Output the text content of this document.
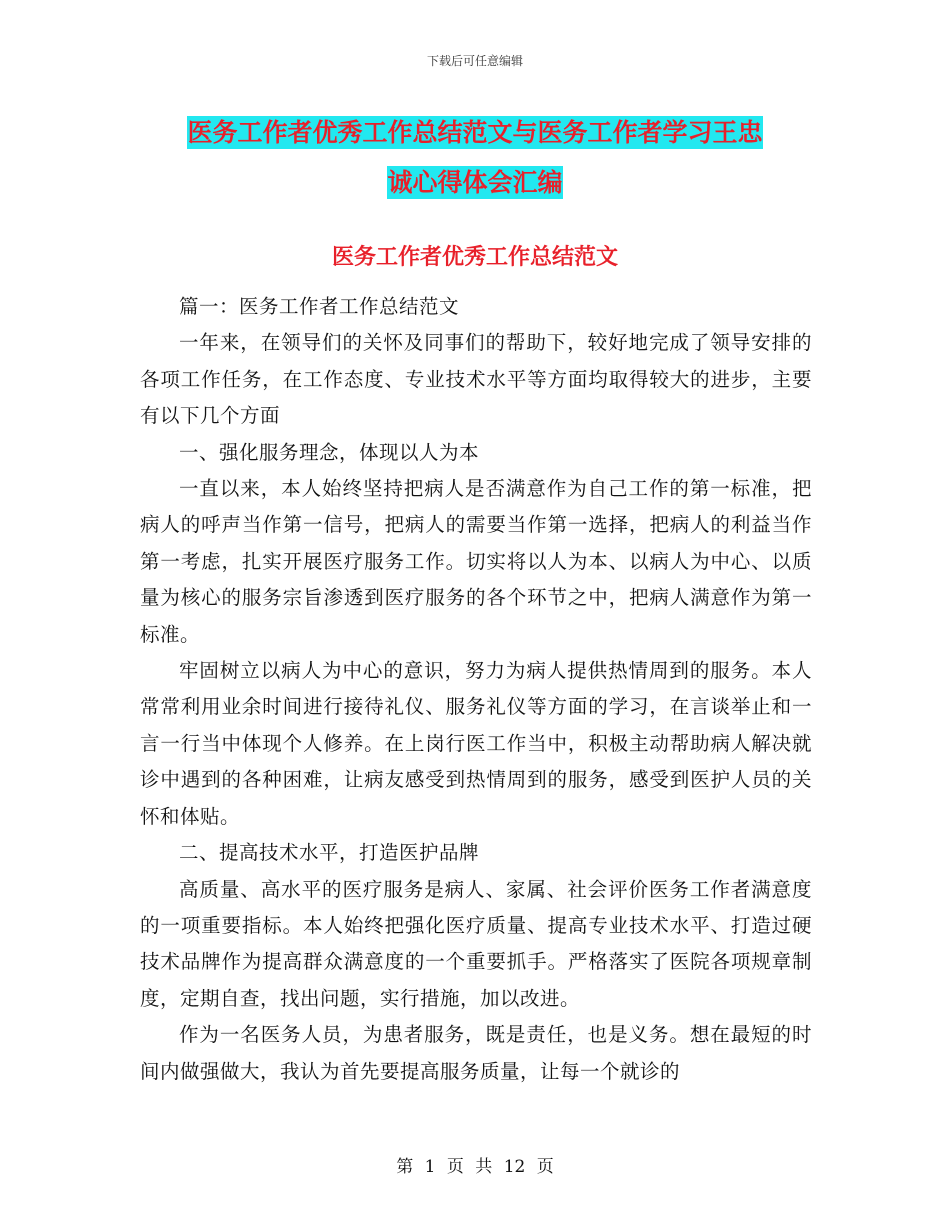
下载后可任意编辑
医务工作者优秀工作总结范文与医务工作者学习王忠
诚心得体会汇编
医务工作者优秀工作总结范文

篇一：医务工作者工作总结范文

一年来，在领导们的关怀及同事们的帮助下，较好地完成了领导安排的各项工作任务，在工作态度、专业技术水平等方面均取得较大的进步，主要有以下几个方面

一、强化服务理念，体现以人为本

一直以来，本人始终坚持把病人是否满意作为自己工作的第一标准，把病人的呼声当作第一信号，把病人的需要当作第一选择，把病人的利益当作第一考虑，扎实开展医疗服务工作。切实将以人为本、以病人为中心、以质量为核心的服务宗旨渗透到医疗服务的各个环节之中，把病人满意作为第一标准。

牢固树立以病人为中心的意识，努力为病人提供热情周到的服务。本人常常利用业余时间进行接待礼仪、服务礼仪等方面的学习，在言谈举止和一言一行当中体现个人修养。在上岗行医工作当中，积极主动帮助病人解决就诊中遇到的各种困难，让病友感受到热情周到的服务，感受到医护人员的关怀和体贴。

二、提高技术水平，打造医护品牌

高质量、高水平的医疗服务是病人、家属、社会评价医务工作者满意度的一项重要指标。本人始终把强化医疗质量、提高专业技术水平、打造过硬技术品牌作为提高群众满意度的一个重要抓手。严格落实了医院各项规章制度，定期自查，找出问题，实行措施，加以改进。

作为一名医务人员，为患者服务，既是责任，也是义务。想在最短的时间内做强做大，我认为首先要提高服务质量，让每一个就诊的

第 1 页 共 12 页
